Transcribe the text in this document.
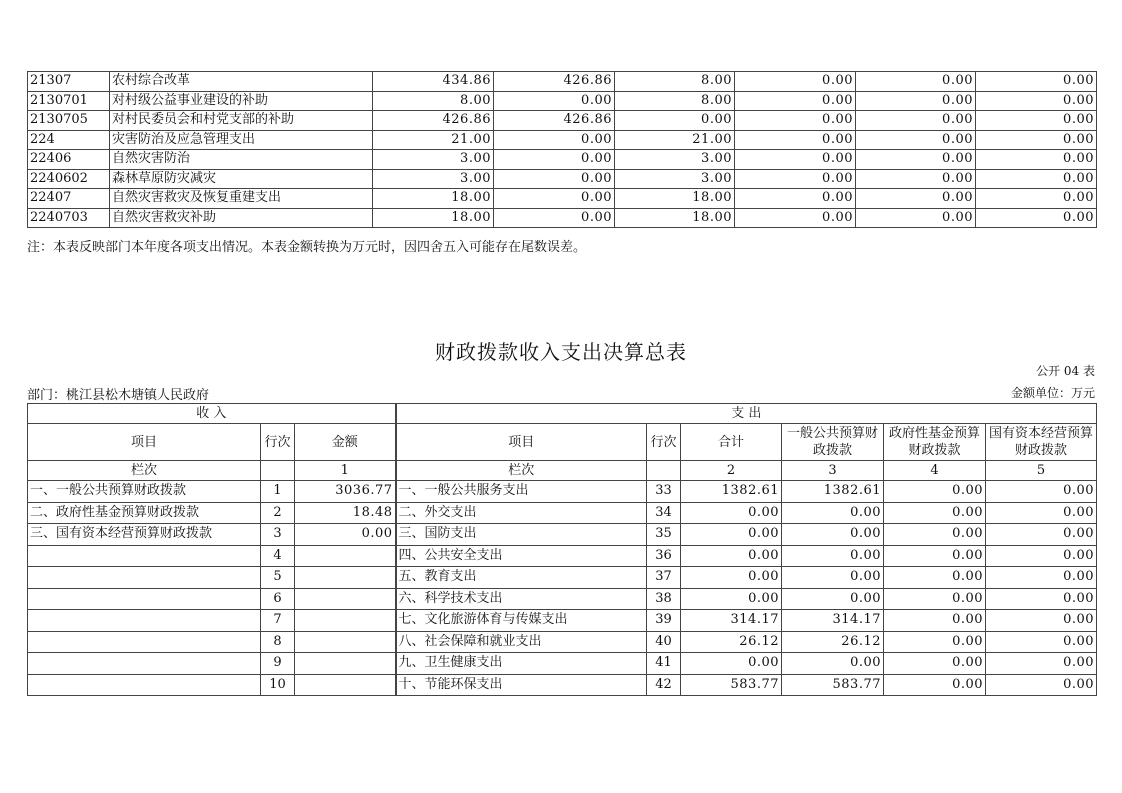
21307	农村综合改革	434.86	426.86	8.00	0.00	0.00	0.00
2130701	对村级公益事业建设的补助	8.00	0.00	8.00	0.00	0.00	0.00
2130705	对村民委员会和村党支部的补助	426.86	426.86	0.00	0.00	0.00	0.00
224	灾害防治及应急管理支出	21.00	0.00	21.00	0.00	0.00	0.00
22406	自然灾害防治	3.00	0.00	3.00	0.00	0.00	0.00
2240602	森林草原防灾减灾	3.00	0.00	3.00	0.00	0.00	0.00
22407	自然灾害救灾及恢复重建支出	18.00	0.00	18.00	0.00	0.00	0.00
2240703	自然灾害救灾补助	18.00	0.00	18.00	0.00	0.00	0.00
注：本表反映部门本年度各项支出情况。本表金额转换为万元时，因四舍五入可能存在尾数误差。
财政拨款收入支出决算总表
公开 04 表
部门：桃江县松木塘镇人民政府	金额单位：万元
收 入			支 出					
项目	行次	金额	项目	行次	合计	一般公共预算财政拨款	政府性基金预算财政拨款	国有资本经营预算财政拨款
栏次		1	栏次		2	3	4	5
一、一般公共预算财政拨款	1	3036.77	一、一般公共服务支出	33	1382.61	1382.61	0.00	0.00
二、政府性基金预算财政拨款	2	18.48	二、外交支出	34	0.00	0.00	0.00	0.00
三、国有资本经营预算财政拨款	3	0.00	三、国防支出	35	0.00	0.00	0.00	0.00
	4		四、公共安全支出	36	0.00	0.00	0.00	0.00
	5		五、教育支出	37	0.00	0.00	0.00	0.00
	6		六、科学技术支出	38	0.00	0.00	0.00	0.00
	7		七、文化旅游体育与传媒支出	39	314.17	314.17	0.00	0.00
	8		八、社会保障和就业支出	40	26.12	26.12	0.00	0.00
	9		九、卫生健康支出	41	0.00	0.00	0.00	0.00
	10		十、节能环保支出	42	583.77	583.77	0.00	0.00
